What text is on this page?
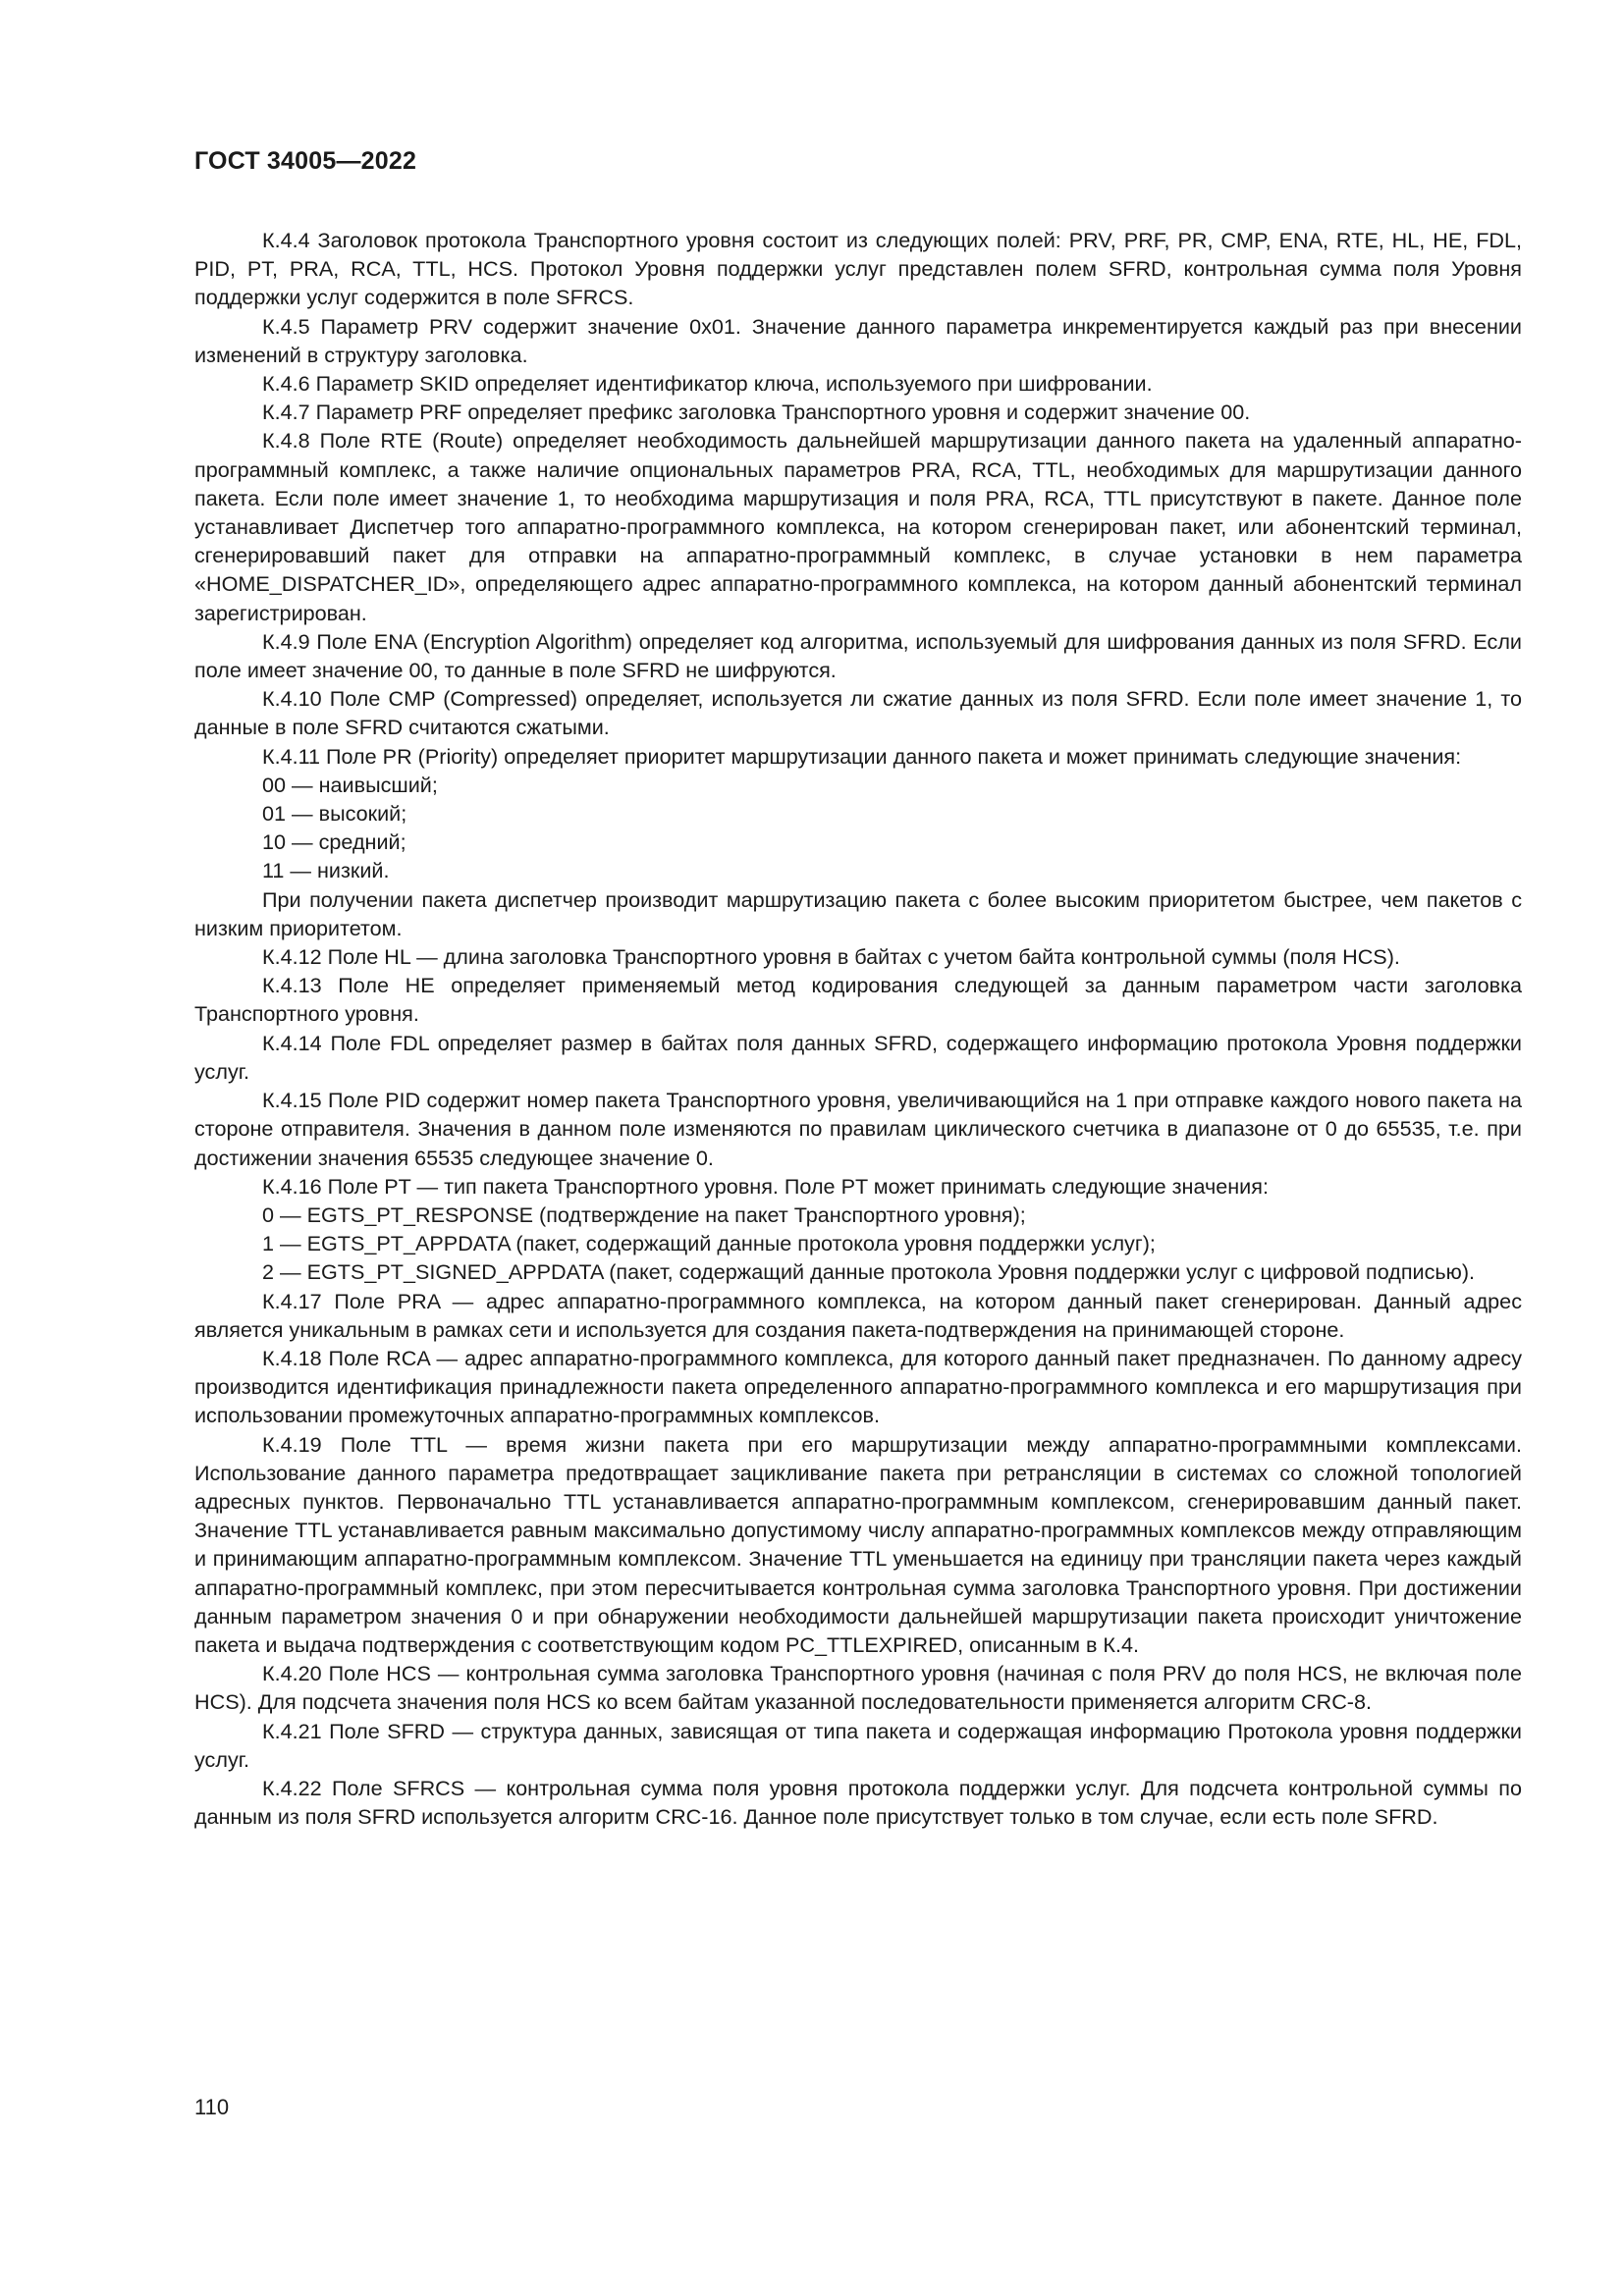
ГОСТ 34005—2022

К.4.4 Заголовок протокола Транспортного уровня состоит из следующих полей: PRV, PRF, PR, CMP, ENA, RTE, HL, HE, FDL, PID, PT, PRA, RCA, TTL, HCS. Протокол Уровня поддержки услуг представлен полем SFRD, контрольная сумма поля Уровня поддержки услуг содержится в поле SFRCS.

К.4.5 Параметр PRV содержит значение 0х01. Значение данного параметра инкрементируется каждый раз при внесении изменений в структуру заголовка.

К.4.6 Параметр SKID определяет идентификатор ключа, используемого при шифровании.

К.4.7 Параметр PRF определяет префикс заголовка Транспортного уровня и содержит значение 00.

К.4.8 Поле RTE (Route) определяет необходимость дальнейшей маршрутизации данного пакета на удаленный аппаратно-программный комплекс, а также наличие опциональных параметров PRA, RCA, TTL, необходимых для маршрутизации данного пакета. Если поле имеет значение 1, то необходима маршрутизация и поля PRA, RCA, TTL присутствуют в пакете. Данное поле устанавливает Диспетчер того аппаратно-программного комплекса, на котором сгенерирован пакет, или абонентский терминал, сгенерировавший пакет для отправки на аппаратно-программный комплекс, в случае установки в нем параметра «HOME_DISPATCHER_ID», определяющего адрес аппаратно-программного комплекса, на котором данный абонентский терминал зарегистрирован.

К.4.9 Поле ENA (Encryption Algorithm) определяет код алгоритма, используемый для шифрования данных из поля SFRD. Если поле имеет значение 00, то данные в поле SFRD не шифруются.

К.4.10 Поле CMP (Compressed) определяет, используется ли сжатие данных из поля SFRD. Если поле имеет значение 1, то данные в поле SFRD считаются сжатыми.

К.4.11 Поле PR (Priority) определяет приоритет маршрутизации данного пакета и может принимать следующие значения:

00 — наивысший;

01 — высокий;

10 — средний;

11 — низкий.

При получении пакета диспетчер производит маршрутизацию пакета с более высоким приоритетом быстрее, чем пакетов с низким приоритетом.

К.4.12 Поле HL — длина заголовка Транспортного уровня в байтах с учетом байта контрольной суммы (поля HCS).

К.4.13 Поле HE определяет применяемый метод кодирования следующей за данным параметром части заголовка Транспортного уровня.

К.4.14 Поле FDL определяет размер в байтах поля данных SFRD, содержащего информацию протокола Уровня поддержки услуг.

К.4.15 Поле PID содержит номер пакета Транспортного уровня, увеличивающийся на 1 при отправке каждого нового пакета на стороне отправителя. Значения в данном поле изменяются по правилам циклического счетчика в диапазоне от 0 до 65535, т.е. при достижении значения 65535 следующее значение 0.

К.4.16 Поле PT — тип пакета Транспортного уровня. Поле PT может принимать следующие значения:

0 — EGTS_PT_RESPONSE (подтверждение на пакет Транспортного уровня);

1 — EGTS_PT_APPDATA (пакет, содержащий данные протокола уровня поддержки услуг);

2 — EGTS_PT_SIGNED_APPDATA (пакет, содержащий данные протокола Уровня поддержки услуг с цифровой подписью).

К.4.17 Поле PRA — адрес аппаратно-программного комплекса, на котором данный пакет сгенерирован. Данный адрес является уникальным в рамках сети и используется для создания пакета-подтверждения на принимающей стороне.

К.4.18 Поле RCA — адрес аппаратно-программного комплекса, для которого данный пакет предназначен. По данному адресу производится идентификация принадлежности пакета определенного аппаратно-программного комплекса и его маршрутизация при использовании промежуточных аппаратно-программных комплексов.

К.4.19 Поле TTL — время жизни пакета при его маршрутизации между аппаратно-программными комплексами. Использование данного параметра предотвращает зацикливание пакета при ретрансляции в системах со сложной топологией адресных пунктов. Первоначально TTL устанавливается аппаратно-программным комплексом, сгенерировавшим данный пакет. Значение TTL устанавливается равным максимально допустимому числу аппаратно-программных комплексов между отправляющим и принимающим аппаратно-программным комплексом. Значение TTL уменьшается на единицу при трансляции пакета через каждый аппаратно-программный комплекс, при этом пересчитывается контрольная сумма заголовка Транспортного уровня. При достижении данным параметром значения 0 и при обнаружении необходимости дальнейшей маршрутизации пакета происходит уничтожение пакета и выдача подтверждения с соответствующим кодом PC_TTLEXPIRED, описанным в К.4.

К.4.20 Поле HCS — контрольная сумма заголовка Транспортного уровня (начиная с поля PRV до поля HCS, не включая поле HCS). Для подсчета значения поля HCS ко всем байтам указанной последовательности применяется алгоритм CRC-8.

К.4.21 Поле SFRD — структура данных, зависящая от типа пакета и содержащая информацию Протокола уровня поддержки услуг.

К.4.22 Поле SFRCS — контрольная сумма поля уровня протокола поддержки услуг. Для подсчета контрольной суммы по данным из поля SFRD используется алгоритм CRC-16. Данное поле присутствует только в том случае, если есть поле SFRD.

110
